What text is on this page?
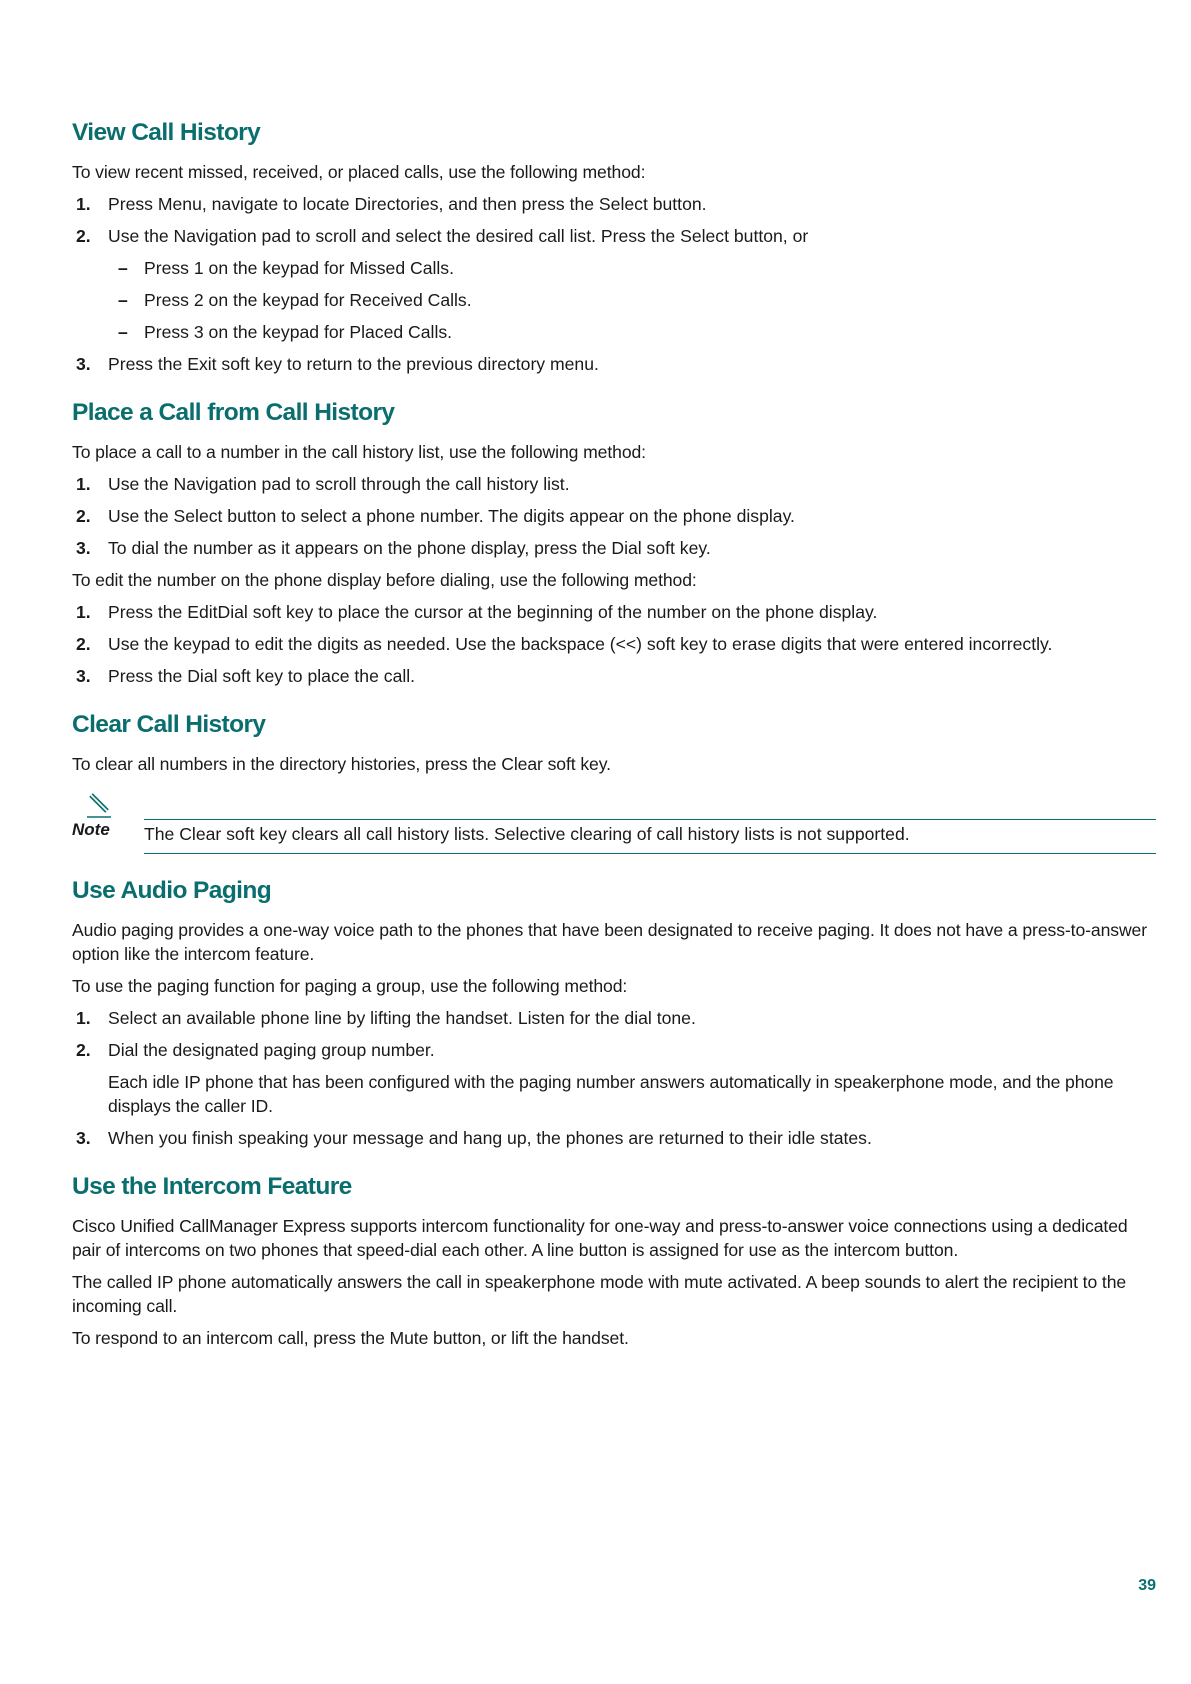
View Call History

To view recent missed, received, or placed calls, use the following method:

1. Press Menu, navigate to locate Directories, and then press the Select button.
2. Use the Navigation pad to scroll and select the desired call list. Press the Select button, or
– Press 1 on the keypad for Missed Calls.
– Press 2 on the keypad for Received Calls.
– Press 3 on the keypad for Placed Calls.
3. Press the Exit soft key to return to the previous directory menu.
Place a Call from Call History

To place a call to a number in the call history list, use the following method:

1. Use the Navigation pad to scroll through the call history list.
2. Use the Select button to select a phone number. The digits appear on the phone display.
3. To dial the number as it appears on the phone display, press the Dial soft key.

To edit the number on the phone display before dialing, use the following method:

1. Press the EditDial soft key to place the cursor at the beginning of the number on the phone display.
2. Use the keypad to edit the digits as needed. Use the backspace (<<) soft key to erase digits that were entered incorrectly.
3. Press the Dial soft key to place the call.
Clear Call History

To clear all numbers in the directory histories, press the Clear soft key.

Note The Clear soft key clears all call history lists. Selective clearing of call history lists is not supported.
Use Audio Paging

Audio paging provides a one-way voice path to the phones that have been designated to receive paging. It does not have a press-to-answer option like the intercom feature.

To use the paging function for paging a group, use the following method:

1. Select an available phone line by lifting the handset. Listen for the dial tone.
2. Dial the designated paging group number.

Each idle IP phone that has been configured with the paging number answers automatically in speakerphone mode, and the phone displays the caller ID.

3. When you finish speaking your message and hang up, the phones are returned to their idle states.
Use the Intercom Feature

Cisco Unified CallManager Express supports intercom functionality for one-way and press-to-answer voice connections using a dedicated pair of intercoms on two phones that speed-dial each other. A line button is assigned for use as the intercom button.

The called IP phone automatically answers the call in speakerphone mode with mute activated. A beep sounds to alert the recipient to the incoming call.

To respond to an intercom call, press the Mute button, or lift the handset.

39
